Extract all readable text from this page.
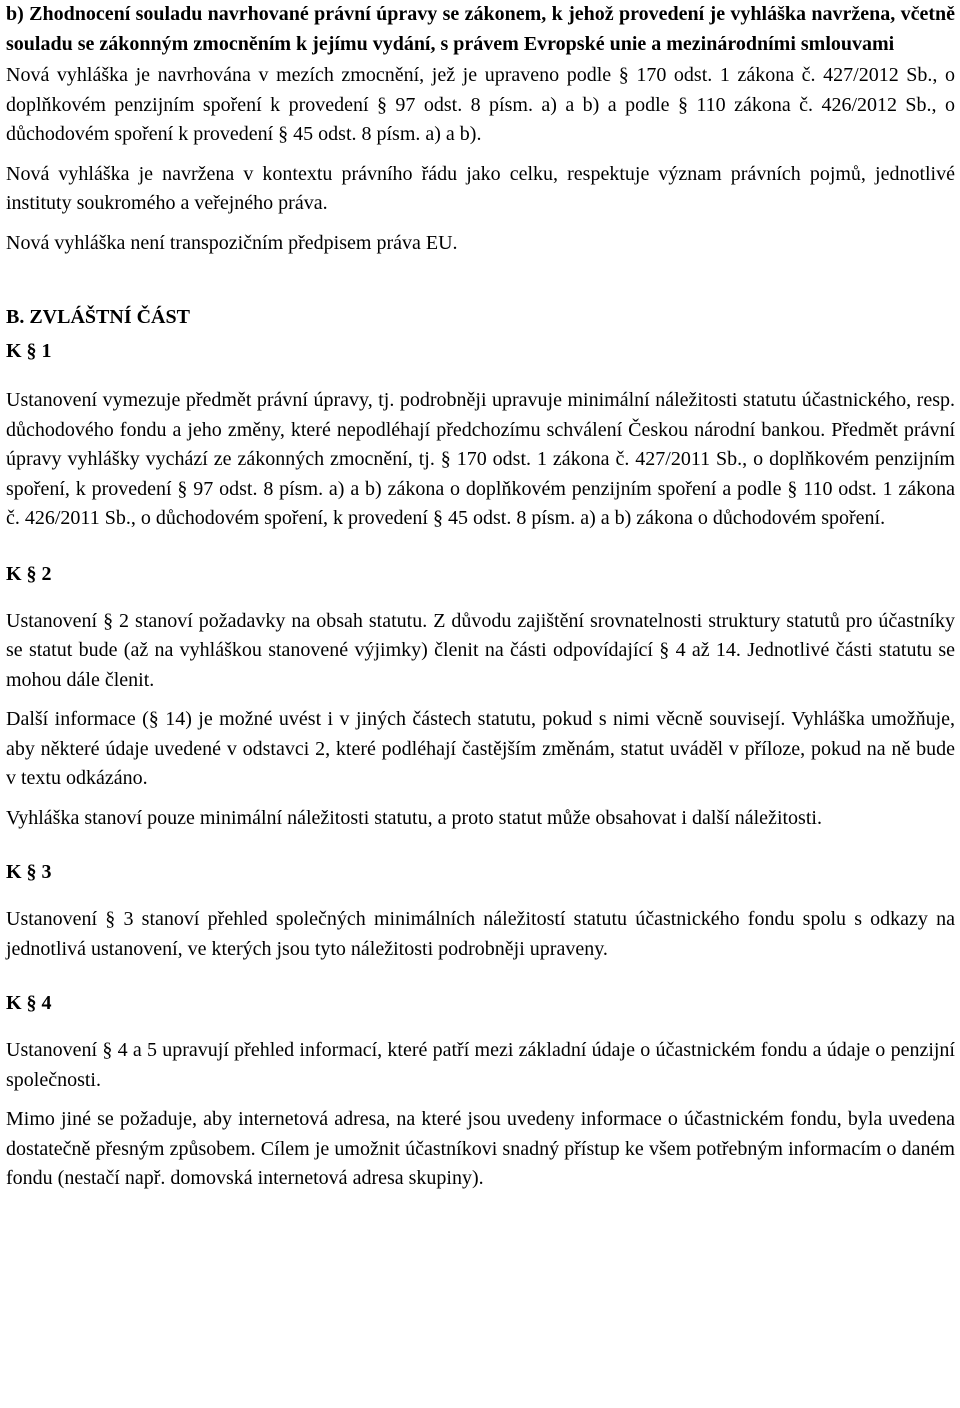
b) Zhodnocení souladu navrhované právní úpravy se zákonem, k jehož provedení je vyhláška navržena, včetně souladu se zákonným zmocněním k jejímu vydání, s právem Evropské unie a mezinárodními smlouvami

Nová vyhláška je navrhována v mezích zmocnění, jež je upraveno podle § 170 odst. 1 zákona č. 427/2012 Sb., o doplňkovém penzijním spoření k provedení § 97 odst. 8 písm. a) a b) a podle § 110 zákona č. 426/2012 Sb., o důchodovém spoření k provedení § 45 odst. 8 písm. a) a b).

Nová vyhláška je navržena v kontextu právního řádu jako celku, respektuje význam právních pojmů, jednotlivé instituty soukromého a veřejného práva.

Nová vyhláška není transpozičním předpisem práva EU.

B. ZVLÁŠTNÍ ČÁST
K § 1

Ustanovení vymezuje předmět právní úpravy, tj. podrobněji upravuje minimální náležitosti statutu účastnického, resp. důchodového fondu a jeho změny, které nepodléhají předchozímu schválení Českou národní bankou. Předmět právní úpravy vyhlášky vychází ze zákonných zmocnění, tj. § 170 odst. 1 zákona č. 427/2011 Sb., o doplňkovém penzijním spoření, k provedení § 97 odst. 8 písm. a) a b) zákona o doplňkovém penzijním spoření a podle § 110 odst. 1 zákona č. 426/2011 Sb., o důchodovém spoření, k provedení § 45 odst. 8 písm. a) a b) zákona o důchodovém spoření.

K § 2

Ustanovení § 2 stanoví požadavky na obsah statutu. Z důvodu zajištění srovnatelnosti struktury statutů pro účastníky se statut bude (až na vyhláškou stanovené výjimky) členit na části odpovídající § 4 až 14. Jednotlivé části statutu se mohou dále členit.

Další informace (§ 14) je možné uvést i v jiných částech statutu, pokud s nimi věcně souvisejí. Vyhláška umožňuje, aby některé údaje uvedené v odstavci 2, které podléhají častějším změnám, statut uváděl v příloze, pokud na ně bude v textu odkázáno.

Vyhláška stanoví pouze minimální náležitosti statutu, a proto statut může obsahovat i další náležitosti.

K § 3

Ustanovení § 3 stanoví přehled společných minimálních náležitostí statutu účastnického fondu spolu s odkazy na jednotlivá ustanovení, ve kterých jsou tyto náležitosti podrobněji upraveny.

K § 4

Ustanovení § 4 a 5 upravují přehled informací, které patří mezi základní údaje o účastnickém fondu a údaje o penzijní společnosti.

Mimo jiné se požaduje, aby internetová adresa, na které jsou uvedeny informace o účastnickém fondu, byla uvedena dostatečně přesným způsobem. Cílem je umožnit účastníkovi snadný přístup ke všem potřebným informacím o daném fondu (nestačí např. domovská internetová adresa skupiny).
